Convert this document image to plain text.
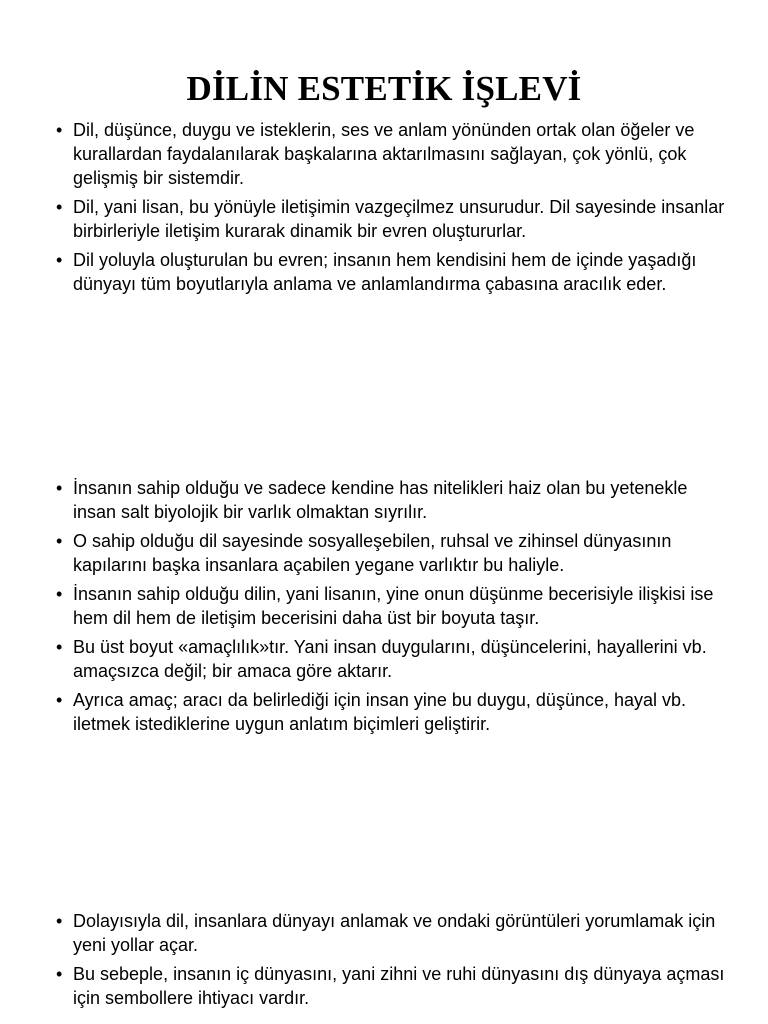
DİLİN ESTETİK İŞLEVİ
• Dil, düşünce, duygu ve isteklerin, ses ve anlam yönünden ortak olan öğeler ve kurallardan faydalanılarak başkalarına aktarılmasını sağlayan, çok yönlü, çok gelişmiş bir sistemdir.
• Dil, yani lisan, bu yönüyle iletişimin vazgeçilmez unsurudur. Dil sayesinde insanlar birbirleriyle iletişim kurarak dinamik bir evren oluştururlar.
• Dil yoluyla oluşturulan bu evren; insanın hem kendisini hem de içinde yaşadığı dünyayı tüm boyutlarıyla anlama ve anlamlandırma çabasına aracılık eder.
• İnsanın sahip olduğu ve sadece kendine has nitelikleri haiz olan bu yetenekle insan salt biyolojik bir varlık olmaktan sıyrılır.
• O sahip olduğu dil sayesinde sosyalleşebilen, ruhsal ve zihinsel dünyasının kapılarını başka insanlara açabilen yegane varlıktır bu haliyle.
• İnsanın sahip olduğu dilin, yani lisanın, yine onun düşünme becerisiyle ilişkisi ise hem dil hem de iletişim becerisini daha üst bir boyuta taşır.
• Bu üst boyut «amaçlılık»tır. Yani insan duygularını, düşüncelerini, hayallerini vb. amaçsızca değil; bir amaca göre aktarır.
• Ayrıca amaç; aracı da belirlediği için insan yine bu duygu, düşünce, hayal vb. iletmek istediklerine uygun anlatım biçimleri geliştirir.
• Dolayısıyla dil, insanlara dünyayı anlamak ve ondaki görüntüleri yorumlamak için yeni yollar açar.
• Bu sebeple, insanın iç dünyasını, yani zihni ve ruhi dünyasını dış dünyaya açması için sembollere ihtiyacı vardır.
